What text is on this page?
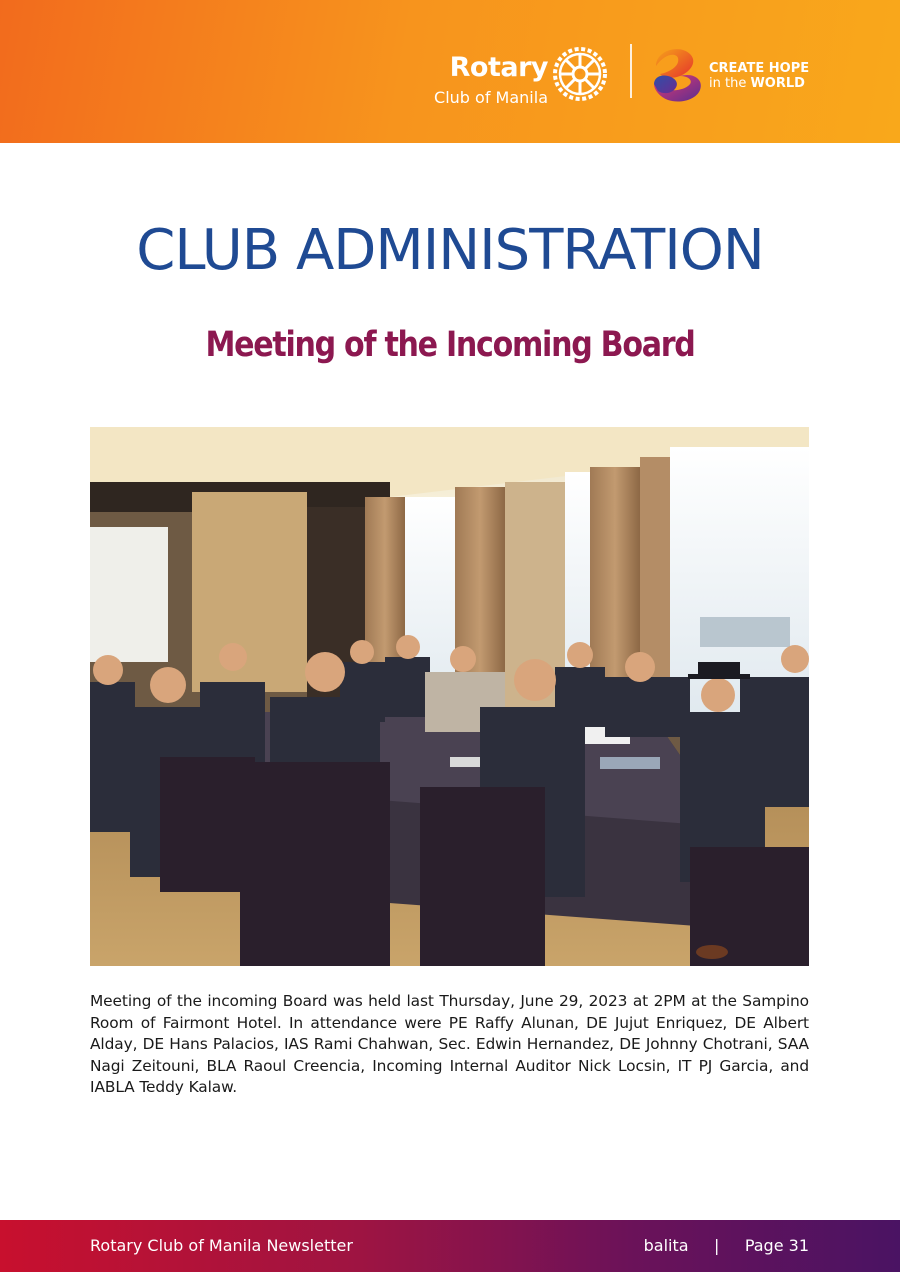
Rotary
Club of Manila
CREATE HOPE
in the WORLD
CLUB ADMINISTRATION
Meeting of the Incoming Board
Meeting of the incoming Board was held last Thursday, June 29, 2023 at 2PM at the Sampino Room of Fairmont Hotel. In attendance were PE Raffy Alunan, DE Jujut Enriquez, DE Albert Alday, DE Hans Palacios, IAS Rami Chahwan, Sec. Edwin Hernandez, DE Johnny Chotrani, SAA Nagi Zeitouni, BLA Raoul Creencia, Incoming Internal Auditor Nick Locsin, IT PJ Garcia, and IABLA Teddy Kalaw.
Rotary Club of Manila Newsletter	balita | Page 31
